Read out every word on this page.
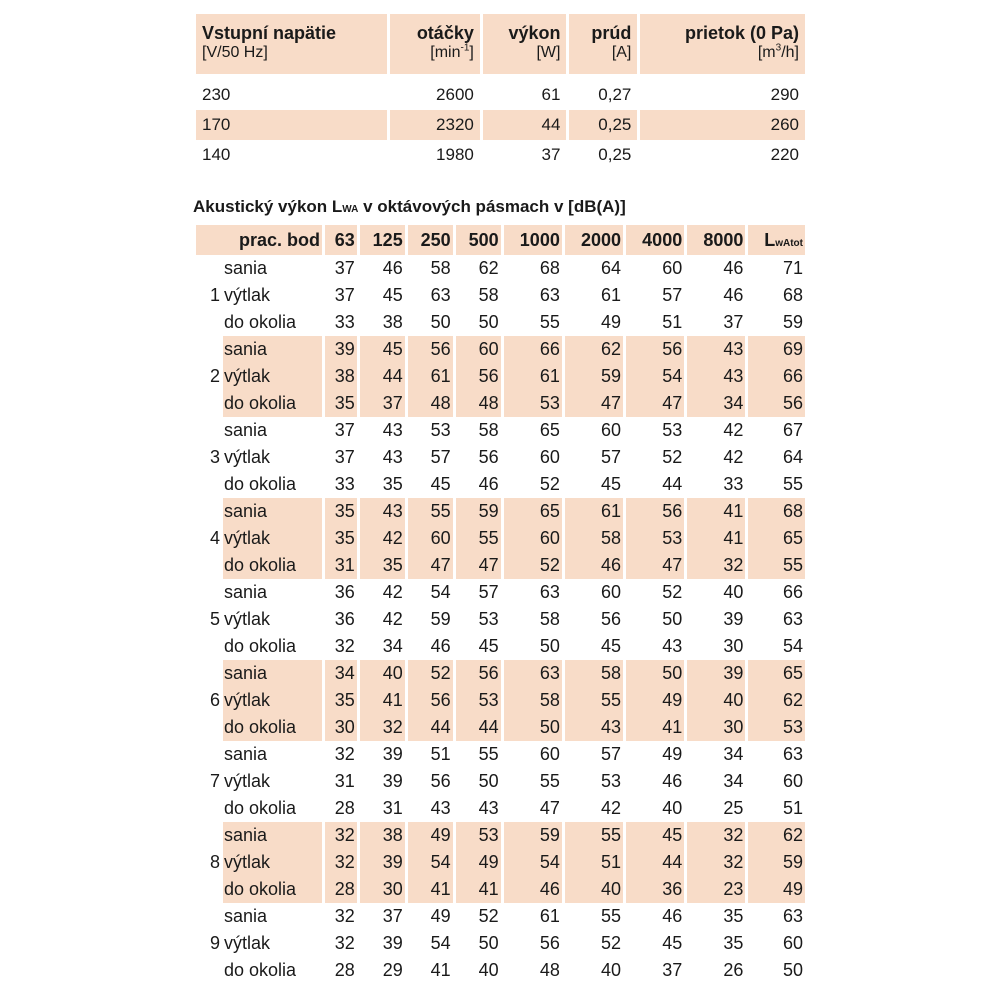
Vstupní napätie	otáčky	výkon	prúd	prietok (0 Pa)
[V/50 Hz]	$[\min^{-1}]$	[W]	[A]	$[m^3/h]$

230	2600	61	0,27	290
170	2320	44	0,25	260
140	1980	37	0,25	220
Akustický výkon LWA v oktávových pásmach v [dB(A)]
prac. bod		63	125	250	500	1000	2000	4000	8000	LwAtot
	sania	37	46	58	62	68	64	60	46	71
1	výtlak	37	45	63	58	63	61	57	46	68
	do okolia	33	38	50	50	55	49	51	37	59
	sania	39	45	56	60	66	62	56	43	69
2	výtlak	38	44	61	56	61	59	54	43	66
	do okolia	35	37	48	48	53	47	47	34	56
	sania	37	43	53	58	65	60	53	42	67
3	výtlak	37	43	57	56	60	57	52	42	64
	do okolia	33	35	45	46	52	45	44	33	55
	sania	35	43	55	59	65	61	56	41	68
4	výtlak	35	42	60	55	60	58	53	41	65
	do okolia	31	35	47	47	52	46	47	32	55
	sania	36	42	54	57	63	60	52	40	66
5	výtlak	36	42	59	53	58	56	50	39	63
	do okolia	32	34	46	45	50	45	43	30	54
	sania	34	40	52	56	63	58	50	39	65
6	výtlak	35	41	56	53	58	55	49	40	62
	do okolia	30	32	44	44	50	43	41	30	53
	sania	32	39	51	55	60	57	49	34	63
7	výtlak	31	39	56	50	55	53	46	34	60
	do okolia	28	31	43	43	47	42	40	25	51
	sania	32	38	49	53	59	55	45	32	62
8	výtlak	32	39	54	49	54	51	44	32	59
	do okolia	28	30	41	41	46	40	36	23	49
	sania	32	37	49	52	61	55	46	35	63
9	výtlak	32	39	54	50	56	52	45	35	60
	do okolia	28	29	41	40	48	40	37	26	50
